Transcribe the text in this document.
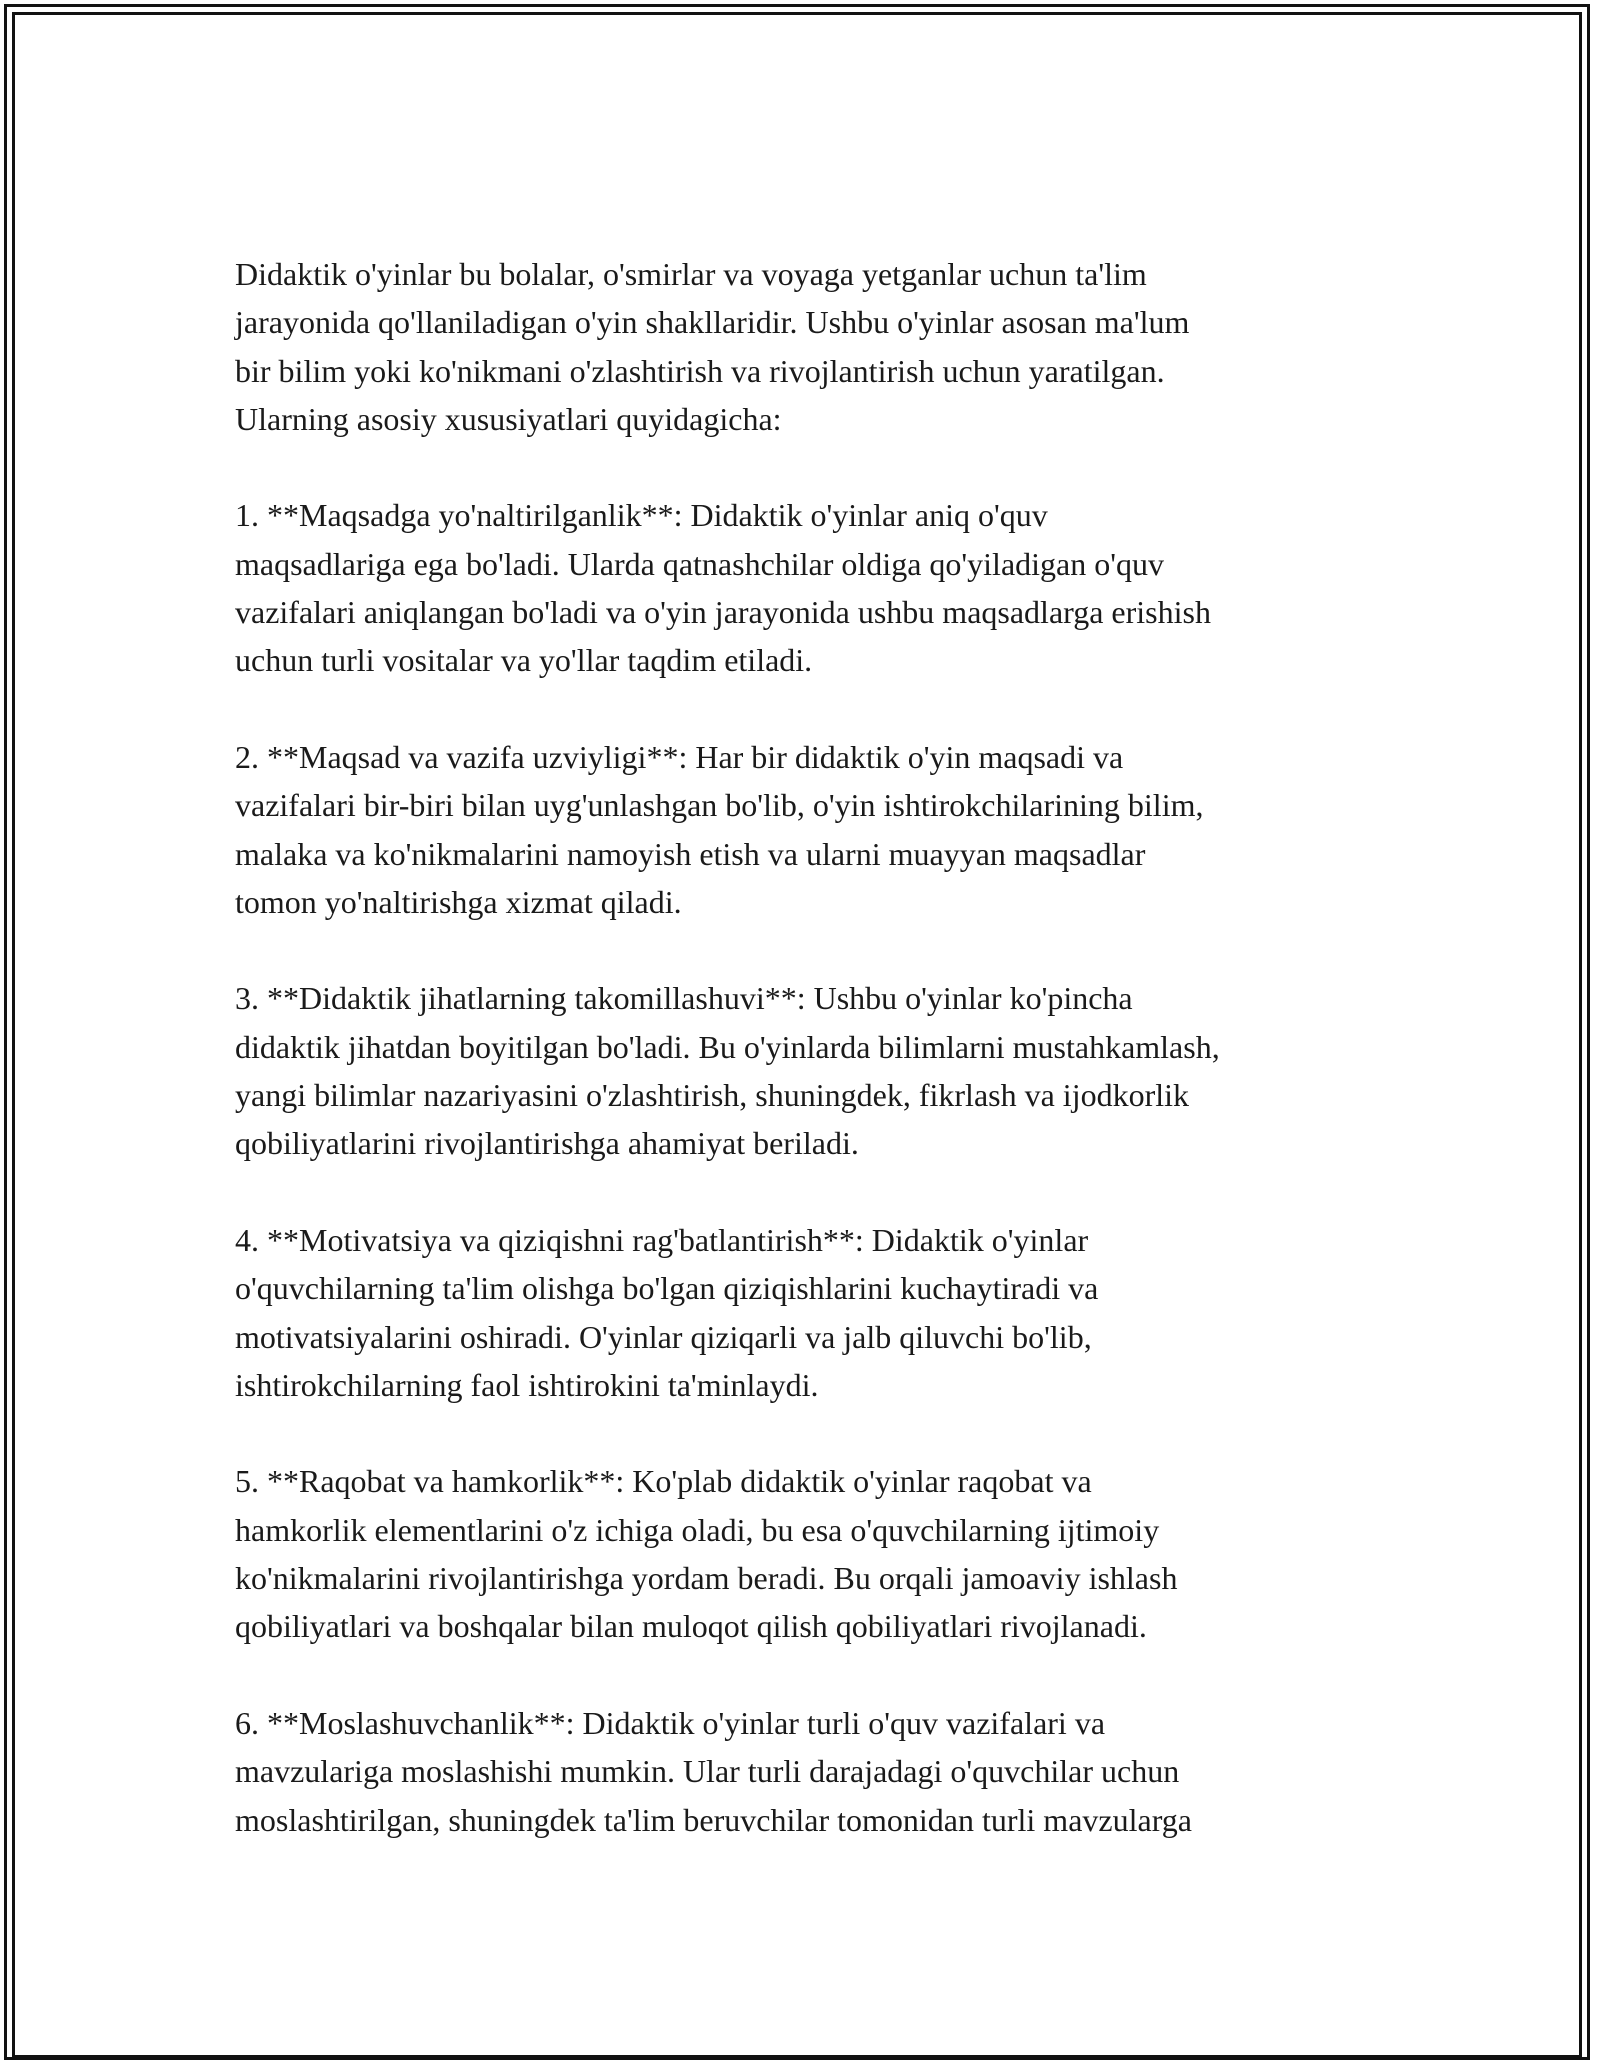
Didaktik o'yinlar bu bolalar, o'smirlar va voyaga yetganlar uchun ta'lim
jarayonida qo'llaniladigan o'yin shakllaridir. Ushbu o'yinlar asosan ma'lum
bir bilim yoki ko'nikmani o'zlashtirish va rivojlantirish uchun yaratilgan.
Ularning asosiy xususiyatlari quyidagicha:

1. **Maqsadga yo'naltirilganlik**: Didaktik o'yinlar aniq o'quv
maqsadlariga ega bo'ladi. Ularda qatnashchilar oldiga qo'yiladigan o'quv
vazifalari aniqlangan bo'ladi va o'yin jarayonida ushbu maqsadlarga erishish
uchun turli vositalar va yo'llar taqdim etiladi.

2. **Maqsad va vazifa uzviyligi**: Har bir didaktik o'yin maqsadi va
vazifalari bir-biri bilan uyg'unlashgan bo'lib, o'yin ishtirokchilarining bilim,
malaka va ko'nikmalarini namoyish etish va ularni muayyan maqsadlar
tomon yo'naltirishga xizmat qiladi.

3. **Didaktik jihatlarning takomillashuvi**: Ushbu o'yinlar ko'pincha
didaktik jihatdan boyitilgan bo'ladi. Bu o'yinlarda bilimlarni mustahkamlash,
yangi bilimlar nazariyasini o'zlashtirish, shuningdek, fikrlash va ijodkorlik
qobiliyatlarini rivojlantirishga ahamiyat beriladi.

4. **Motivatsiya va qiziqishni rag'batlantirish**: Didaktik o'yinlar
o'quvchilarning ta'lim olishga bo'lgan qiziqishlarini kuchaytiradi va
motivatsiyalarini oshiradi. O'yinlar qiziqarli va jalb qiluvchi bo'lib,
ishtirokchilarning faol ishtirokini ta'minlaydi.

5. **Raqobat va hamkorlik**: Ko'plab didaktik o'yinlar raqobat va
hamkorlik elementlarini o'z ichiga oladi, bu esa o'quvchilarning ijtimoiy
ko'nikmalarini rivojlantirishga yordam beradi. Bu orqali jamoaviy ishlash
qobiliyatlari va boshqalar bilan muloqot qilish qobiliyatlari rivojlanadi.

6. **Moslashuvchanlik**: Didaktik o'yinlar turli o'quv vazifalari va
mavzulariga moslashishi mumkin. Ular turli darajadagi o'quvchilar uchun
moslashtirilgan, shuningdek ta'lim beruvchilar tomonidan turli mavzularga
